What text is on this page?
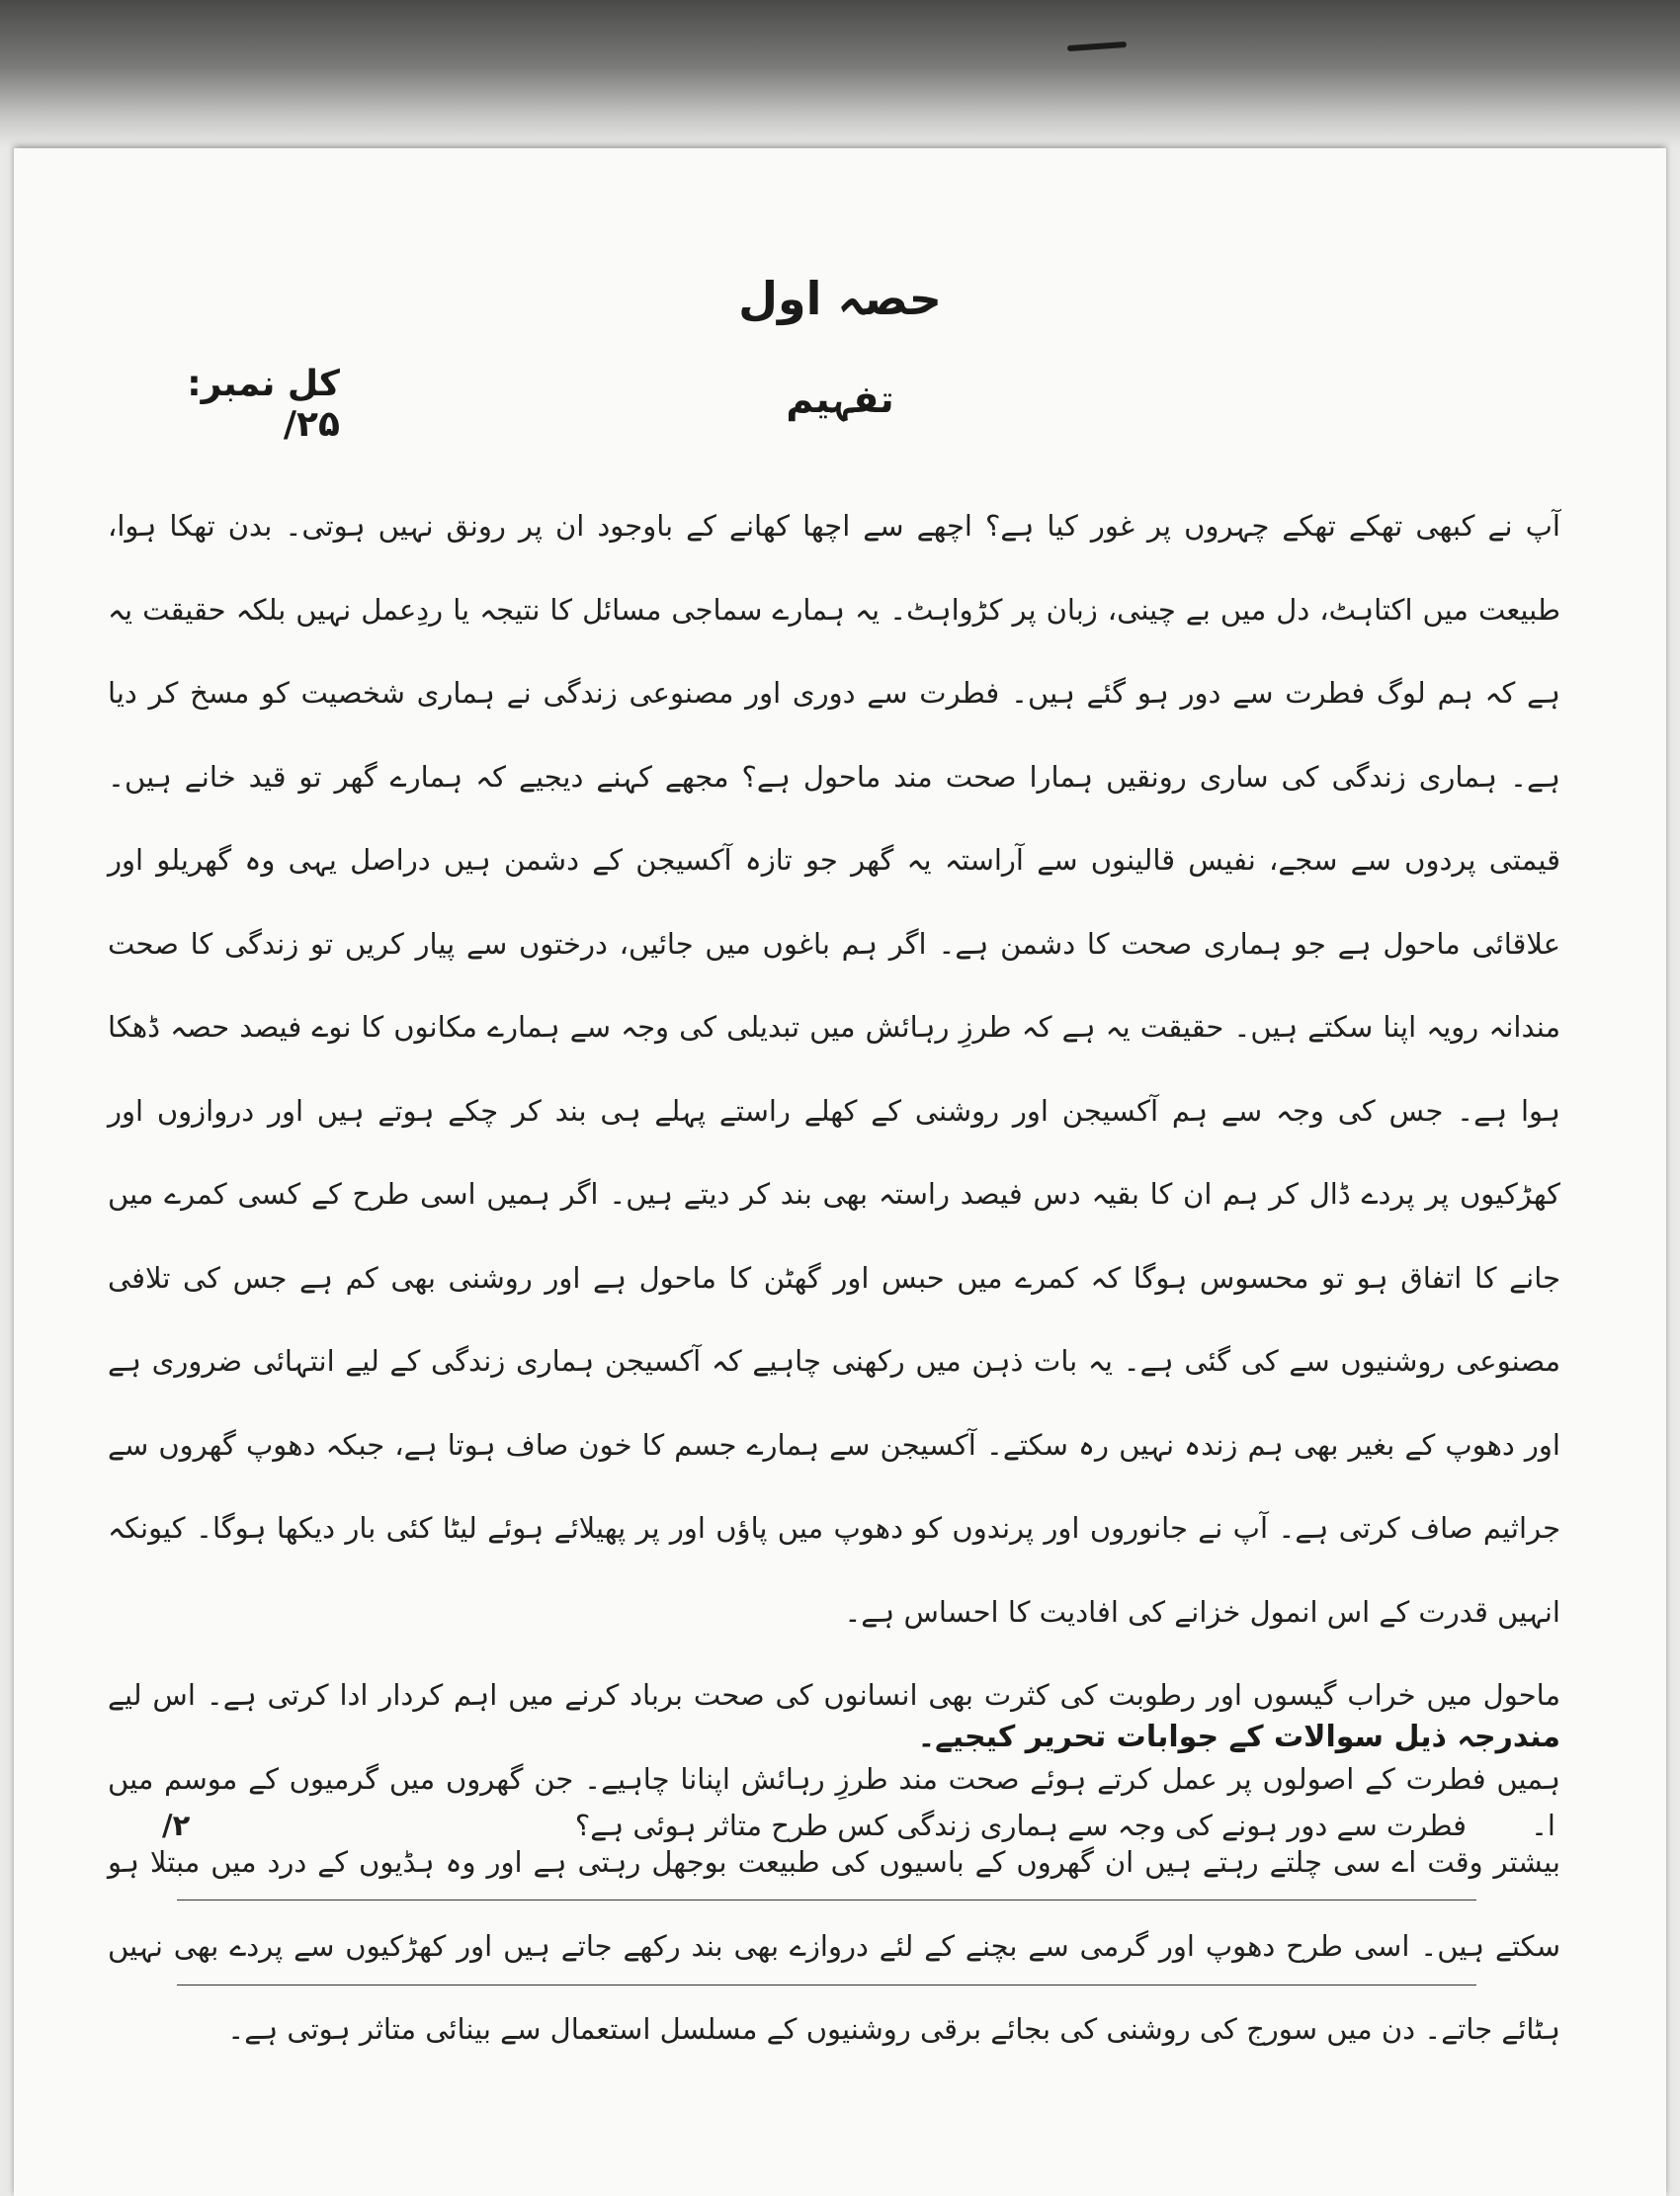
حصہ اول
تفہیم
کل نمبر: ۲۵/

آپ نے کبھی تھکے تھکے چہروں پر غور کیا ہے؟ اچھے سے اچھا کھانے کے باوجود ان پر رونق نہیں ہوتی۔ بدن تھکا ہوا، طبیعت میں اکتاہٹ، دل میں بے چینی، زبان پر کڑواہٹ۔ یہ ہمارے سماجی مسائل کا نتیجہ یا ردِعمل نہیں بلکہ حقیقت یہ ہے کہ ہم لوگ فطرت سے دور ہو گئے ہیں۔ فطرت سے دوری اور مصنوعی زندگی نے ہماری شخصیت کو مسخ کر دیا ہے۔ ہماری زندگی کی ساری رونقیں ہمارا صحت مند ماحول ہے؟ مجھے کہنے دیجیے کہ ہمارے گھر تو قید خانے ہیں۔ قیمتی پردوں سے سجے، نفیس قالینوں سے آراستہ یہ گھر جو تازہ آکسیجن کے دشمن ہیں دراصل یہی وہ گھریلو اور علاقائی ماحول ہے جو ہماری صحت کا دشمن ہے۔ اگر ہم باغوں میں جائیں، درختوں سے پیار کریں تو زندگی کا صحت مندانہ رویہ اپنا سکتے ہیں۔ حقیقت یہ ہے کہ طرزِ رہائش میں تبدیلی کی وجہ سے ہمارے مکانوں کا نوے فیصد حصہ ڈھکا ہوا ہے۔ جس کی وجہ سے ہم آکسیجن اور روشنی کے کھلے راستے پہلے ہی بند کر چکے ہوتے ہیں اور دروازوں اور کھڑکیوں پر پردے ڈال کر ہم ان کا بقیہ دس فیصد راستہ بھی بند کر دیتے ہیں۔ اگر ہمیں اسی طرح کے کسی کمرے میں جانے کا اتفاق ہو تو محسوس ہوگا کہ کمرے میں حبس اور گھٹن کا ماحول ہے اور روشنی بھی کم ہے جس کی تلافی مصنوعی روشنیوں سے کی گئی ہے۔ یہ بات ذہن میں رکھنی چاہیے کہ آکسیجن ہماری زندگی کے لیے انتہائی ضروری ہے اور دھوپ کے بغیر بھی ہم زندہ نہیں رہ سکتے۔ آکسیجن سے ہمارے جسم کا خون صاف ہوتا ہے، جبکہ دھوپ گھروں سے جراثیم صاف کرتی ہے۔ آپ نے جانوروں اور پرندوں کو دھوپ میں پاؤں اور پر پھیلائے ہوئے لیٹا کئی بار دیکھا ہوگا۔ کیونکہ انہیں قدرت کے اس انمول خزانے کی افادیت کا احساس ہے۔

ماحول میں خراب گیسوں اور رطوبت کی کثرت بھی انسانوں کی صحت برباد کرنے میں اہم کردار ادا کرتی ہے۔ اس لیے ہمیں فطرت کے اصولوں پر عمل کرتے ہوئے صحت مند طرزِ رہائش اپنانا چاہیے۔ جن گھروں میں گرمیوں کے موسم میں بیشتر وقت اے سی چلتے رہتے ہیں ان گھروں کے باسیوں کی طبیعت بوجھل رہتی ہے اور وہ ہڈیوں کے درد میں مبتلا ہو سکتے ہیں۔ اسی طرح دھوپ اور گرمی سے بچنے کے لئے دروازے بھی بند رکھے جاتے ہیں اور کھڑکیوں سے پردے بھی نہیں ہٹائے جاتے۔ دن میں سورج کی روشنی کی بجائے برقی روشنیوں کے مسلسل استعمال سے بینائی متاثر ہوتی ہے۔

مندرجہ ذیل سوالات کے جوابات تحریر کیجیے۔
ا۔
فطرت سے دور ہونے کی وجہ سے ہماری زندگی کس طرح متاثر ہوئی ہے؟
۲/
